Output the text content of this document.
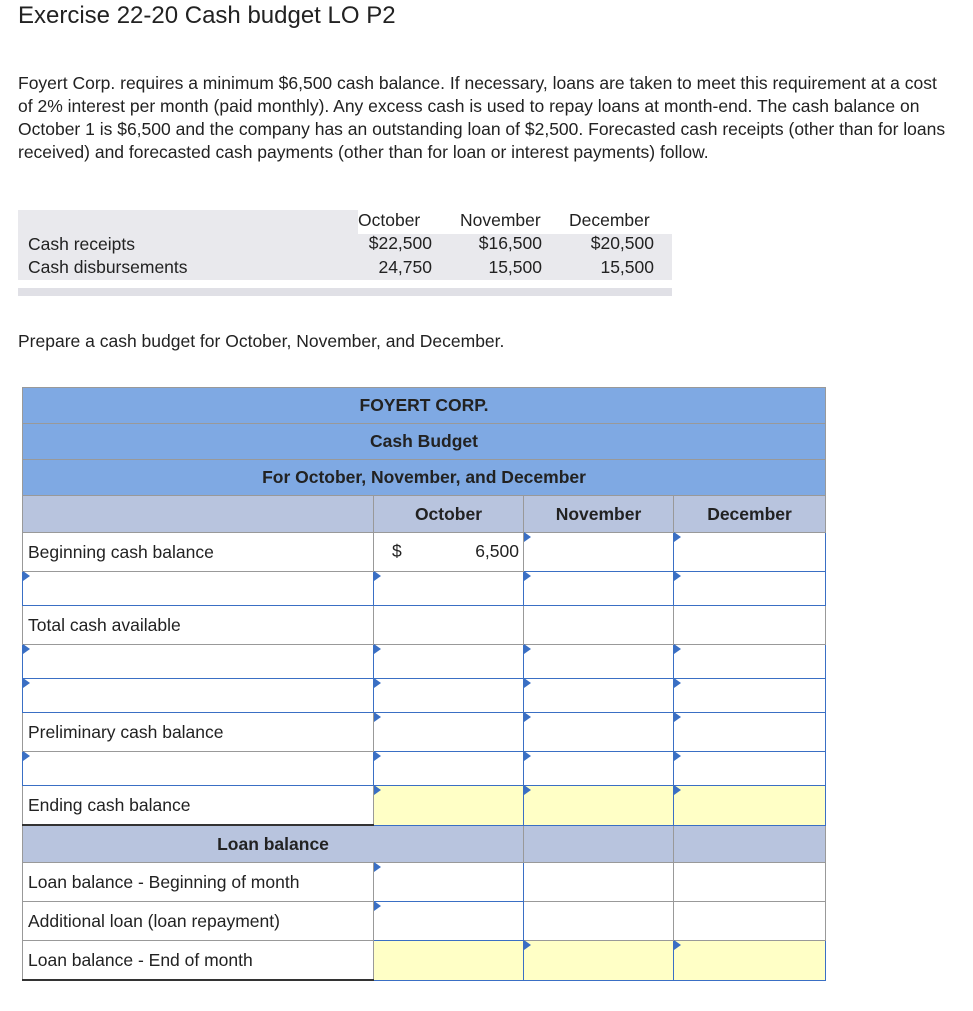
Exercise 22-20 Cash budget LO P2

Foyert Corp. requires a minimum $6,500 cash balance. If necessary, loans are taken to meet this requirement at a cost of 2% interest per month (paid monthly). Any excess cash is used to repay loans at month-end. The cash balance on October 1 is $6,500 and the company has an outstanding loan of $2,500. Forecasted cash receipts (other than for loans received) and forecasted cash payments (other than for loan or interest payments) follow.

October November December
Cash receipts	$22,500	$16,500	$20,500
Cash disbursements	24,750	15,500	15,500

Prepare a cash budget for October, November, and December.

FOYERT CORP.			
Cash Budget			
For October, November, and December			
	October	November	December
Beginning cash balance	$ 6,500		

Total cash available			

Preliminary cash balance			

Ending cash balance			
Loan balance			
Loan balance - Beginning of month			
Additional loan (loan repayment)			
Loan balance - End of month			
